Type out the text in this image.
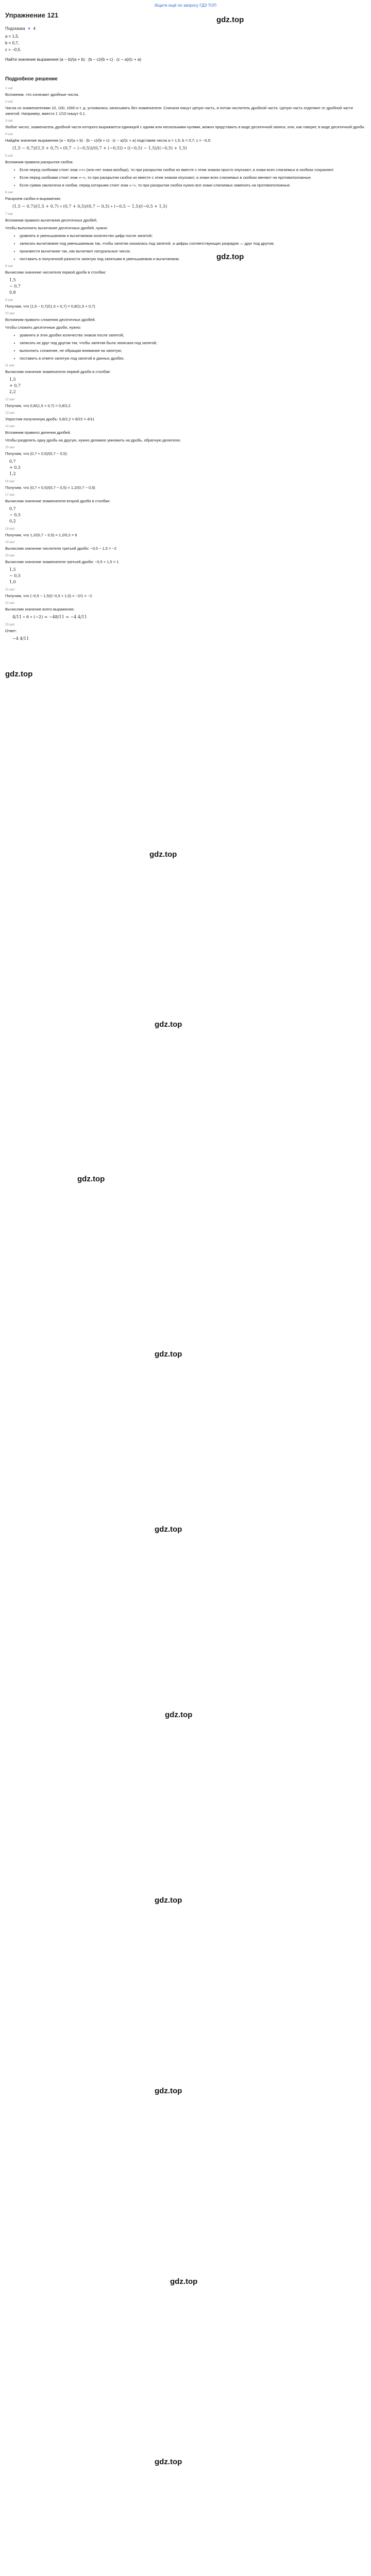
Ищите ещё по запросу ГДЗ ТОП
Упражнение 121
Подсказка ▾ 4
a = 1,5,
b = 0,7,
c = −0,5.
Найти значение выражения (a − b)/(a + b) ∙ (b − c)/(b + c) ∙ (c − a)/(c + a)
Подробное решение
1 шаг
Вспомним, что означают дробные числа.
2 шаг
Числа со знаменателями 10, 100, 1000 и т. д. условились записывать без знаменателя. Сначала пишут целую часть, а потом числитель дробной части. Целую часть отделяют от дробной части запятой. Например, вместо 1 1/10 пишут 0,1.
3 шаг
Любое число, знаменатель дробной части которого выражается единицей с одним или несколькими нулями, можно представить в виде десятичной записи, или, как говорят, в виде десятичной дроби.
4 шаг
Найдём значение выражения (a − b)/(a + b) ∙ (b − c)/(b + c) ∙ (c − a)/(c + a) подставив числа a = 1,5; b = 0,7; c = −0,5:
(1,5 − 0,7)/(1,5 + 0,7) ∙ (0,7 − (−0,5))/(0,7 + (−0,5)) ∙ ((−0,5) − 1,5)/((−0,5) + 1,5)
5 шаг
Вспомним правила раскрытия скобок.
• Если перед скобками стоит знак «+» (или нет знака вообще), то при раскрытии скобок их вместе с этим знаком просто опускают, а знаки всех слагаемых в скобках сохраняют.
• Если перед скобками стоит знак «−», то при раскрытии скобок их вместе с этим знаком опускают, а знаки всех слагаемых в скобках меняют на противоположные.
• Если сумма заключена в скобки, перед которыми стоит знак «−», то при раскрытии скобок нужно все знаки слагаемых заменить на противоположные.
6 шаг
Раскроем скобки в выражении:
(1,5 − 0,7)/(1,5 + 0,7) ∙ (0,7 + 0,5)/(0,7 − 0,5) ∙ (−0,5 − 1,5)/(−0,5 + 1,5)
7 шаг
Вспомним правило вычитания десятичных дробей.
Чтобы выполнить вычитание десятичных дробей, нужно:
• уравнять в уменьшаемом и вычитаемом количество цифр после запятой;
• записать вычитаемое под уменьшаемым так, чтобы запятая оказалась под запятой, а цифры соответствующих разрядов — друг под другом;
• произвести вычитание так, как вычитают натуральные числа;
• поставить в полученной разности запятую под запятыми в уменьшаемом и вычитаемом.
8 шаг
Вычислим значение числителя первой дроби в столбик:
1,5
− 0,7
0,8
9 шаг
Получим, что (1,5 − 0,7)/(1,5 + 0,7) = 0,8/(1,5 + 0,7)
10 шаг
Вспомним правило сложения десятичных дробей.
Чтобы сложить десятичные дроби, нужно:
• уравнять в этих дробях количество знаков после запятой;
• записать их друг под другом так, чтобы запятая была записана под запятой;
• выполнить сложение, не обращая внимания на запятую;
• поставить в ответе запятую под запятой в данных дробях.
11 шаг
Вычислим значение знаменателя первой дроби в столбик:
1,5
+ 0,7
2,2
12 шаг
Получим, что 0,8/(1,5 + 0,7) = 0,8/2,2
13 шаг
Упростим полученную дробь: 0,8/2,2 = 8/22 = 4/11
14 шаг
Вспомним правило деления дробей.
Чтобы разделить одну дробь на другую, нужно делимое умножить на дробь, обратную делителю.
15 шаг
Получим, что (0,7 + 0,5)/(0,7 − 0,5):
0,7
+ 0,5
1,2
16 шаг
Получим, что (0,7 + 0,5)/(0,7 − 0,5) = 1,2/(0,7 − 0,5)
17 шаг
Вычислим значение знаменателя второй дроби в столбик:
0,7
− 0,5
0,2
18 шаг
Получим, что 1,2/(0,7 − 0,5) = 1,2/0,2 = 6
19 шаг
Вычислим значение числителя третьей дроби: −0,5 − 1,5 = −2
20 шаг
Вычислим значение знаменателя третьей дроби: −0,5 + 1,5 = 1
1,5
− 0,5
1,0
21 шаг
Получим, что (−0,5 − 1,5)/(−0,5 + 1,5) = −2/1 = −2
22 шаг
Вычислим значение всего выражения:
4/11 ∙ 6 ∙ (−2) = −48/11 = −4 4/11
23 шаг
Ответ:
−4 4/11
gdz.top
gdz.top
gdz.top
gdz.top
gdz.top
gdz.top
gdz.top
gdz.top
gdz.top
gdz.top
gdz.top
gdz.top
gdz.top
